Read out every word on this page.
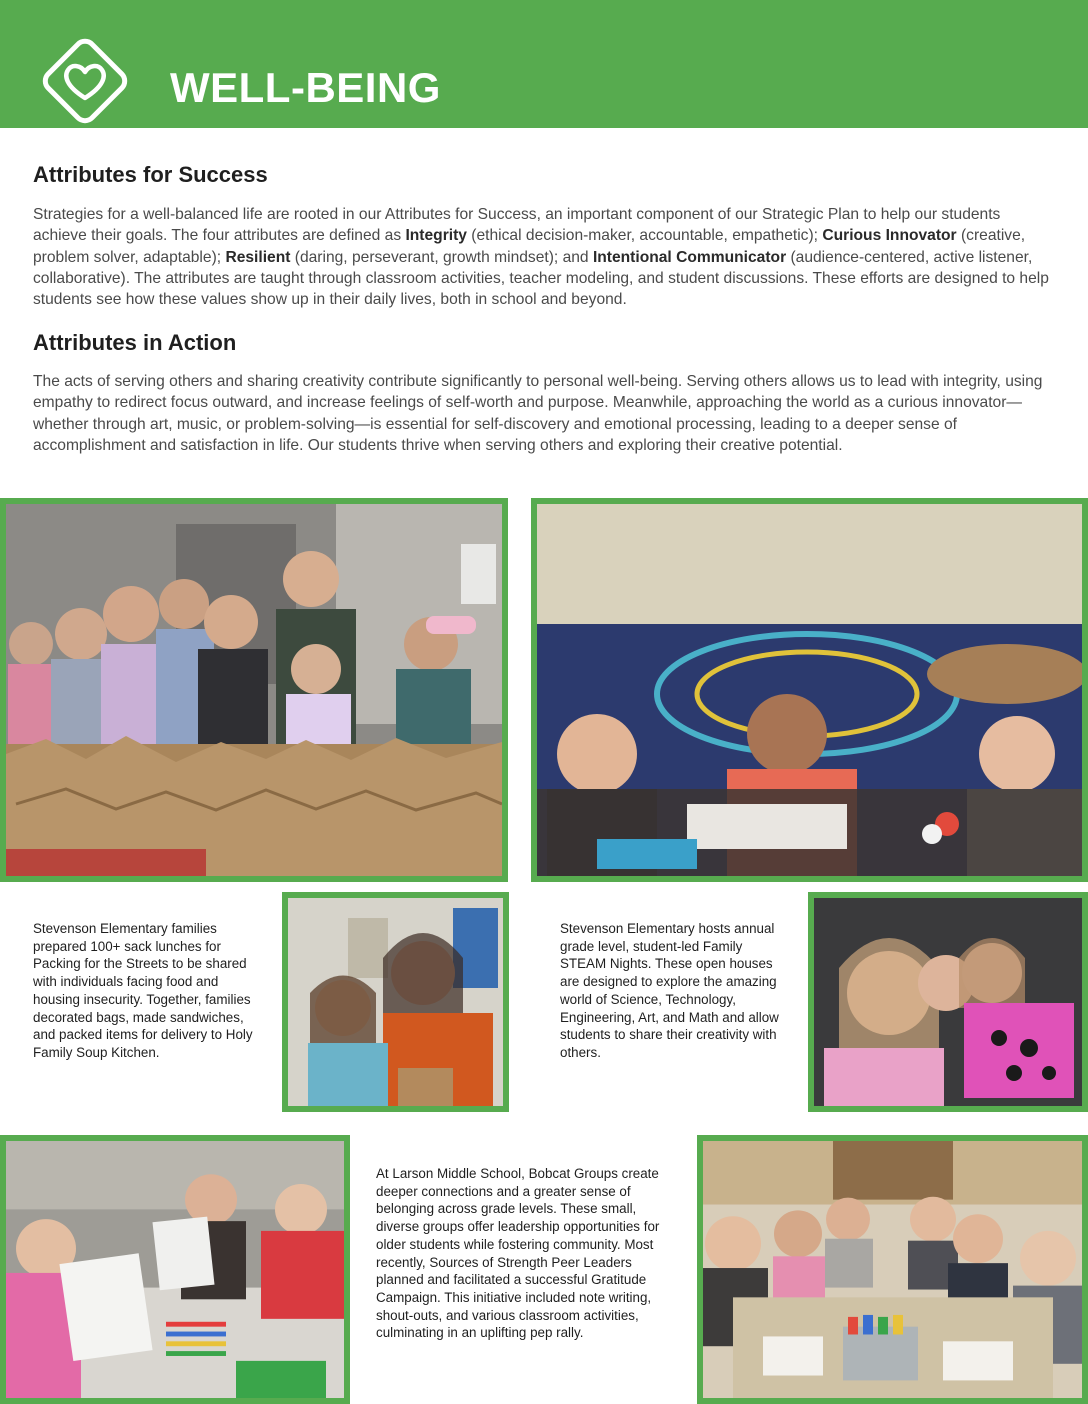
WELL-BEING
Attributes for Success

Strategies for a well-balanced life are rooted in our Attributes for Success, an important component of our Strategic Plan to help our students achieve their goals. The four attributes are defined as Integrity (ethical decision-maker, accountable, empathetic); Curious Innovator (creative, problem solver, adaptable); Resilient (daring, perseverant, growth mindset); and Intentional Communicator (audience-centered, active listener, collaborative). The attributes are taught through classroom activities, teacher modeling, and student discussions. These efforts are designed to help students see how these values show up in their daily lives, both in school and beyond.

Attributes in Action

The acts of serving others and sharing creativity contribute significantly to personal well-being. Serving others allows us to lead with integrity, using empathy to redirect focus outward, and increase feelings of self-worth and purpose. Meanwhile, approaching the world as a curious innovator—whether through art, music, or problem-solving—is essential for self-discovery and emotional processing, leading to a deeper sense of accomplishment and satisfaction in life. Our students thrive when serving others and exploring their creative potential.

Stevenson Elementary families prepared 100+ sack lunches for Packing for the Streets to be shared with individuals facing food and housing insecurity. Together, families decorated bags, made sandwiches, and packed items for delivery to Holy Family Soup Kitchen.

Stevenson Elementary hosts annual grade level, student-led Family STEAM Nights. These open houses are designed to explore the amazing world of Science, Technology, Engineering, Art, and Math and allow students to share their creativity with others.

At Larson Middle School, Bobcat Groups create deeper connections and a greater sense of belonging across grade levels. These small, diverse groups offer leadership opportunities for older students while fostering community. Most recently, Sources of Strength Peer Leaders planned and facilitated a successful Gratitude Campaign. This initiative included note writing, shout-outs, and various classroom activities, culminating in an uplifting pep rally.
